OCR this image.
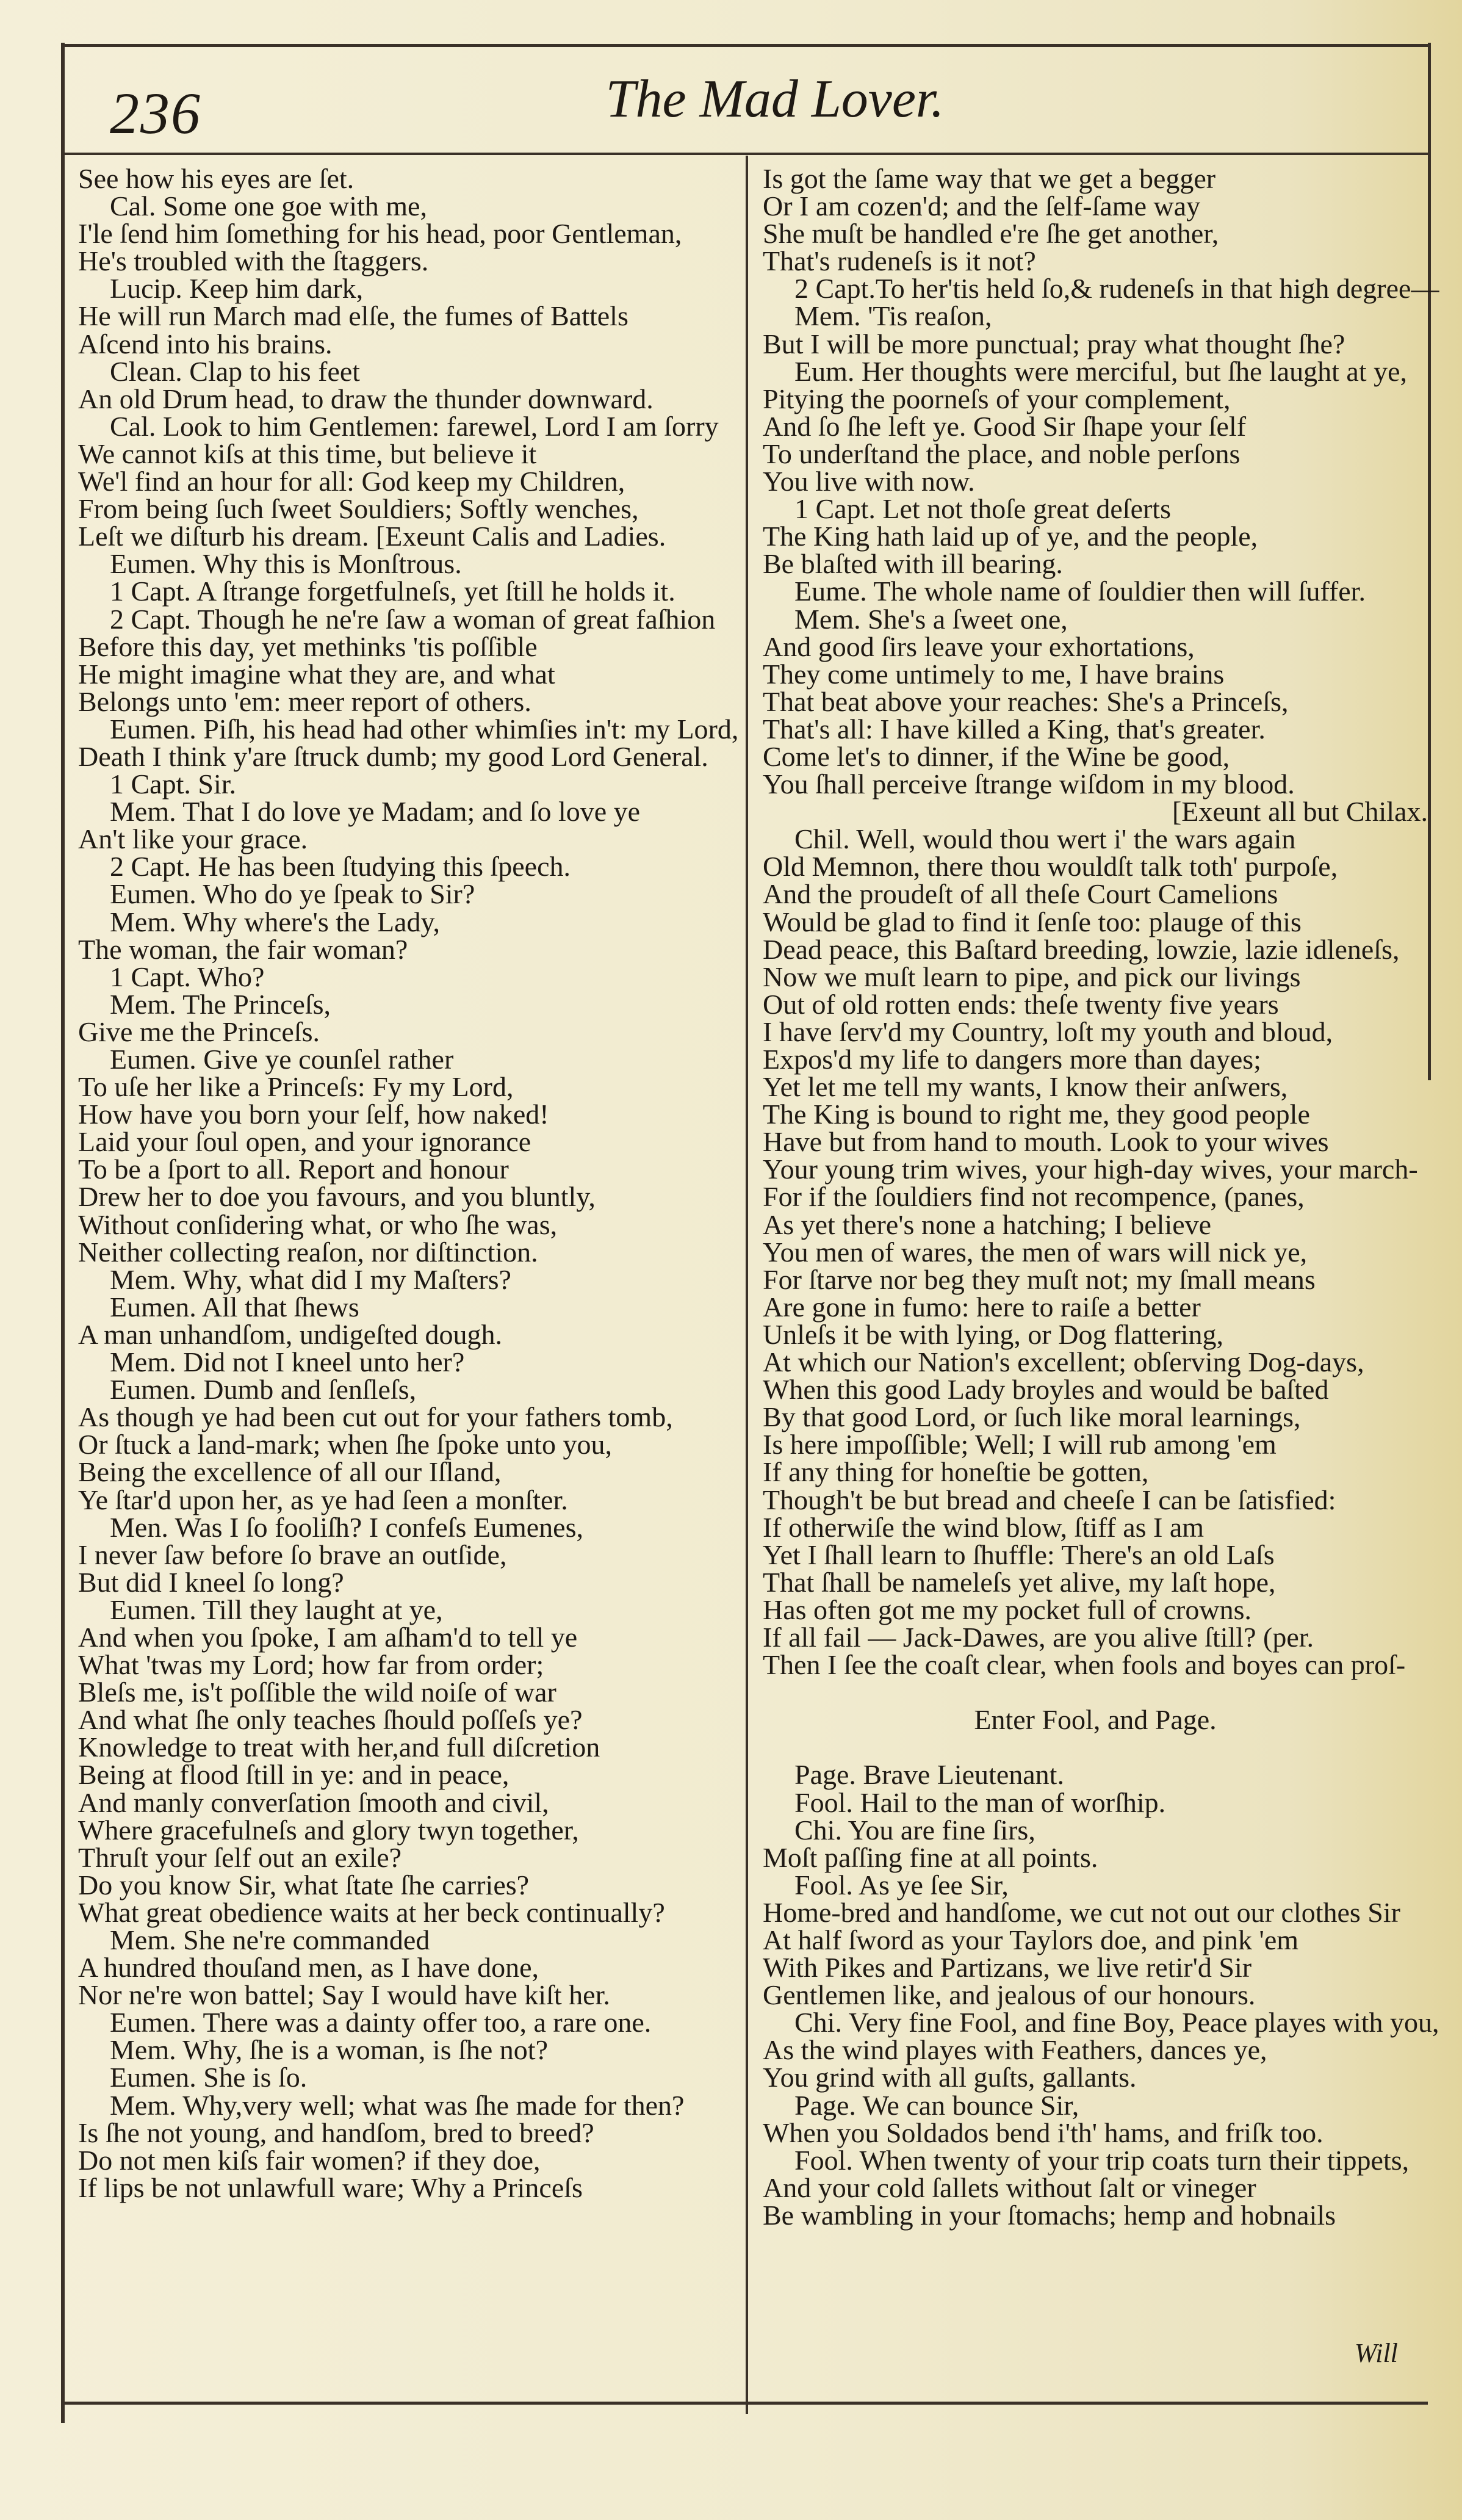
236	The Mad Lover.
See how his eyes are ſet.
Cal. Some one goe with me,
I'le ſend him ſomething for his head, poor Gentleman,
He's troubled with the ſtaggers.
Lucip. Keep him dark,
He will run March mad elſe, the fumes of Battels
Aſcend into his brains.
Clean. Clap to his feet
An old Drum head, to draw the thunder downward.
Cal. Look to him Gentlemen: farewel, Lord I am ſorry
We cannot kiſs at this time, but believe it
We'l find an hour for all: God keep my Children,
From being ſuch ſweet Souldiers; Softly wenches,
Leſt we diſturb his dream. [Exeunt Calis and Ladies.
Eumen. Why this is Monſtrous.
1 Capt. A ſtrange forgetfulneſs, yet ſtill he holds it.
2 Capt. Though he ne're ſaw a woman of great faſhion
Before this day, yet methinks 'tis poſſible
He might imagine what they are, and what
Belongs unto 'em: meer report of others.
Eumen. Piſh, his head had other whimſies in't: my Lord,
Death I think y'are ſtruck dumb; my good Lord General.
1 Capt. Sir.
Mem. That I do love ye Madam; and ſo love ye
An't like your grace.
2 Capt. He has been ſtudying this ſpeech.
Eumen. Who do ye ſpeak to Sir?
Mem. Why where's the Lady,
The woman, the fair woman?
1 Capt. Who?
Mem. The Princeſs,
Give me the Princeſs.
Eumen. Give ye counſel rather
To uſe her like a Princeſs: Fy my Lord,
How have you born your ſelf, how naked!
Laid your ſoul open, and your ignorance
To be a ſport to all. Report and honour
Drew her to doe you favours, and you bluntly,
Without conſidering what, or who ſhe was,
Neither collecting reaſon, nor diſtinction.
Mem. Why, what did I my Maſters?
Eumen. All that ſhews
A man unhandſom, undigeſted dough.
Mem. Did not I kneel unto her?
Eumen. Dumb and ſenſleſs,
As though ye had been cut out for your fathers tomb,
Or ſtuck a land-mark; when ſhe ſpoke unto you,
Being the excellence of all our Iſland,
Ye ſtar'd upon her, as ye had ſeen a monſter.
Men. Was I ſo fooliſh? I confeſs Eumenes,
I never ſaw before ſo brave an outſide,
But did I kneel ſo long?
Eumen. Till they laught at ye,
And when you ſpoke, I am aſham'd to tell ye
What 'twas my Lord; how far from order;
Bleſs me, is't poſſible the wild noiſe of war
And what ſhe only teaches ſhould poſſeſs ye?
Knowledge to treat with her,and full diſcretion
Being at flood ſtill in ye: and in peace,
And manly converſation ſmooth and civil,
Where gracefulneſs and glory twyn together,
Thruſt your ſelf out an exile?
Do you know Sir, what ſtate ſhe carries?
What great obedience waits at her beck continually?
Mem. She ne're commanded
A hundred thouſand men, as I have done,
Nor ne're won battel; Say I would have kiſt her.
Eumen. There was a dainty offer too, a rare one.
Mem. Why, ſhe is a woman, is ſhe not?
Eumen. She is ſo.
Mem. Why,very well; what was ſhe made for then?
Is ſhe not young, and handſom, bred to breed?
Do not men kiſs fair women? if they doe,
If lips be not unlawfull ware; Why a Princeſs
Is got the ſame way that we get a begger
Or I am cozen'd; and the ſelf-ſame way
She muſt be handled e're ſhe get another,
That's rudeneſs is it not?
2 Capt.To her'tis held ſo,& rudeneſs in that high degree—
Mem. 'Tis reaſon,
But I will be more punctual; pray what thought ſhe?
Eum. Her thoughts were merciful, but ſhe laught at ye,
Pitying the poorneſs of your complement,
And ſo ſhe left ye. Good Sir ſhape your ſelf
To underſtand the place, and noble perſons
You live with now.
1 Capt. Let not thoſe great deſerts
The King hath laid up of ye, and the people,
Be blaſted with ill bearing.
Eume. The whole name of ſouldier then will ſuffer.
Mem. She's a ſweet one,
And good ſirs leave your exhortations,
They come untimely to me, I have brains
That beat above your reaches: She's a Princeſs,
That's all: I have killed a King, that's greater.
Come let's to dinner, if the Wine be good,
You ſhall perceive ſtrange wiſdom in my blood.
[Exeunt all but Chilax.
Chil. Well, would thou wert i' the wars again
Old Memnon, there thou wouldſt talk toth' purpoſe,
And the proudeſt of all theſe Court Camelions
Would be glad to find it ſenſe too: plauge of this
Dead peace, this Baſtard breeding, lowzie, lazie idleneſs,
Now we muſt learn to pipe, and pick our livings
Out of old rotten ends: theſe twenty five years
I have ſerv'd my Country, loſt my youth and bloud,
Expos'd my life to dangers more than dayes;
Yet let me tell my wants, I know their anſwers,
The King is bound to right me, they good people
Have but from hand to mouth. Look to your wives
Your young trim wives, your high-day wives, your march-
For if the ſouldiers find not recompence, (panes,
As yet there's none a hatching; I believe
You men of wares, the men of wars will nick ye,
For ſtarve nor beg they muſt not; my ſmall means
Are gone in fumo: here to raiſe a better
Unleſs it be with lying, or Dog flattering,
At which our Nation's excellent; obſerving Dog-days,
When this good Lady broyles and would be baſted
By that good Lord, or ſuch like moral learnings,
Is here impoſſible; Well; I will rub among 'em
If any thing for honeſtie be gotten,
Though't be but bread and cheeſe I can be ſatisfied:
If otherwiſe the wind blow, ſtiff as I am
Yet I ſhall learn to ſhuffle: There's an old Laſs
That ſhall be nameleſs yet alive, my laſt hope,
Has often got me my pocket full of crowns.
If all fail — Jack-Dawes, are you alive ſtill? (per.
Then I ſee the coaſt clear, when fools and boyes can proſ-
Enter Fool, and Page.
Page. Brave Lieutenant.
Fool. Hail to the man of worſhip.
Chi. You are fine ſirs,
Moſt paſſing fine at all points.
Fool. As ye ſee Sir,
Home-bred and handſome, we cut not out our clothes Sir
At half ſword as your Taylors doe, and pink 'em
With Pikes and Partizans, we live retir'd Sir
Gentlemen like, and jealous of our honours.
Chi. Very fine Fool, and fine Boy, Peace playes with you,
As the wind playes with Feathers, dances ye,
You grind with all guſts, gallants.
Page. We can bounce Sir,
When you Soldados bend i'th' hams, and friſk too.
Fool. When twenty of your trip coats turn their tippets,
And your cold ſallets without ſalt or vineger
Be wambling in your ſtomachs; hemp and hobnails
Will
